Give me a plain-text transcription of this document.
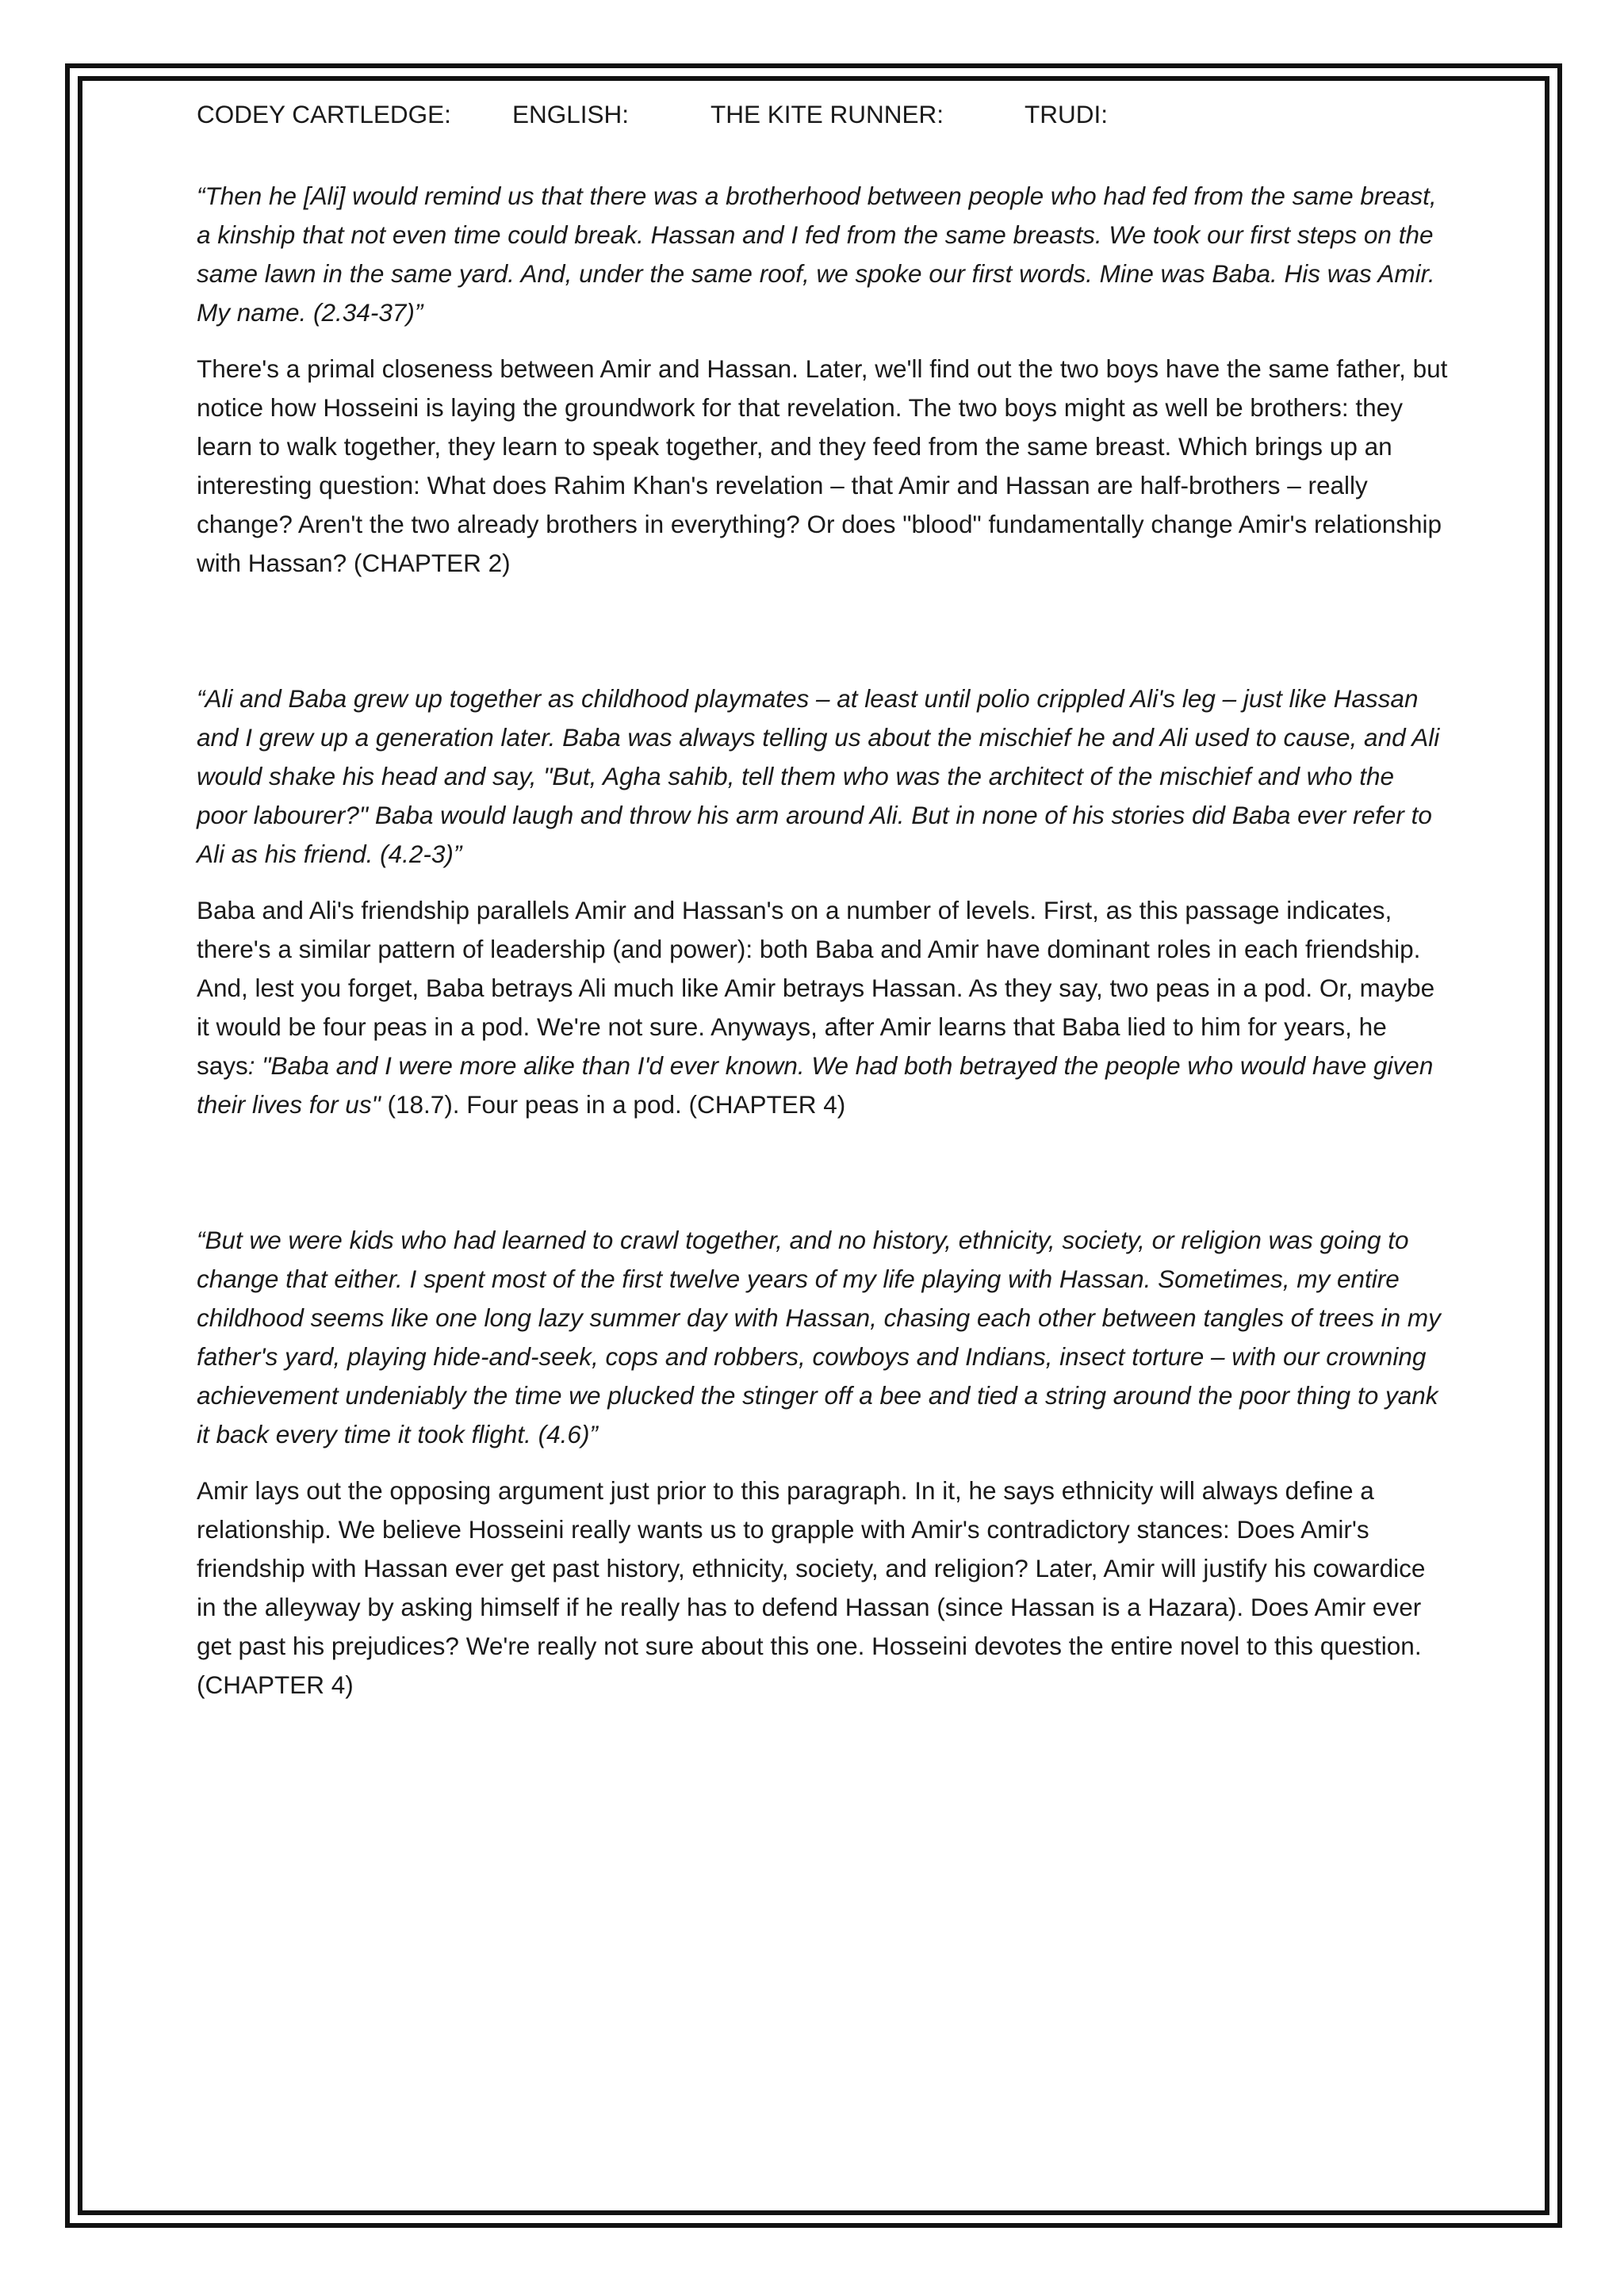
CODEY CARTLEDGE:	ENGLISH:	THE KITE RUNNER:	TRUDI:

“Then he [Ali] would remind us that there was a brotherhood between people who had fed from the same breast, a kinship that not even time could break. Hassan and I fed from the same breasts. We took our first steps on the same lawn in the same yard. And, under the same roof, we spoke our first words. Mine was Baba. His was Amir. My name. (2.34-37)”

There's a primal closeness between Amir and Hassan. Later, we'll find out the two boys have the same father, but notice how Hosseini is laying the groundwork for that revelation. The two boys might as well be brothers: they learn to walk together, they learn to speak together, and they feed from the same breast. Which brings up an interesting question: What does Rahim Khan's revelation – that Amir and Hassan are half-brothers – really change? Aren't the two already brothers in everything? Or does "blood" fundamentally change Amir's relationship with Hassan? (CHAPTER 2)

“Ali and Baba grew up together as childhood playmates – at least until polio crippled Ali's leg – just like Hassan and I grew up a generation later. Baba was always telling us about the mischief he and Ali used to cause, and Ali would shake his head and say, "But, Agha sahib, tell them who was the architect of the mischief and who the poor labourer?" Baba would laugh and throw his arm around Ali. But in none of his stories did Baba ever refer to Ali as his friend. (4.2-3)”

Baba and Ali's friendship parallels Amir and Hassan's on a number of levels. First, as this passage indicates, there's a similar pattern of leadership (and power): both Baba and Amir have dominant roles in each friendship. And, lest you forget, Baba betrays Ali much like Amir betrays Hassan. As they say, two peas in a pod. Or, maybe it would be four peas in a pod. We're not sure. Anyways, after Amir learns that Baba lied to him for years, he says: "Baba and I were more alike than I'd ever known. We had both betrayed the people who would have given their lives for us" (18.7). Four peas in a pod. (CHAPTER 4)

“But we were kids who had learned to crawl together, and no history, ethnicity, society, or religion was going to change that either. I spent most of the first twelve years of my life playing with Hassan. Sometimes, my entire childhood seems like one long lazy summer day with Hassan, chasing each other between tangles of trees in my father's yard, playing hide-and-seek, cops and robbers, cowboys and Indians, insect torture – with our crowning achievement undeniably the time we plucked the stinger off a bee and tied a string around the poor thing to yank it back every time it took flight. (4.6)”

Amir lays out the opposing argument just prior to this paragraph. In it, he says ethnicity will always define a relationship. We believe Hosseini really wants us to grapple with Amir's contradictory stances: Does Amir's friendship with Hassan ever get past history, ethnicity, society, and religion? Later, Amir will justify his cowardice in the alleyway by asking himself if he really has to defend Hassan (since Hassan is a Hazara). Does Amir ever get past his prejudices? We're really not sure about this one. Hosseini devotes the entire novel to this question. (CHAPTER 4)
